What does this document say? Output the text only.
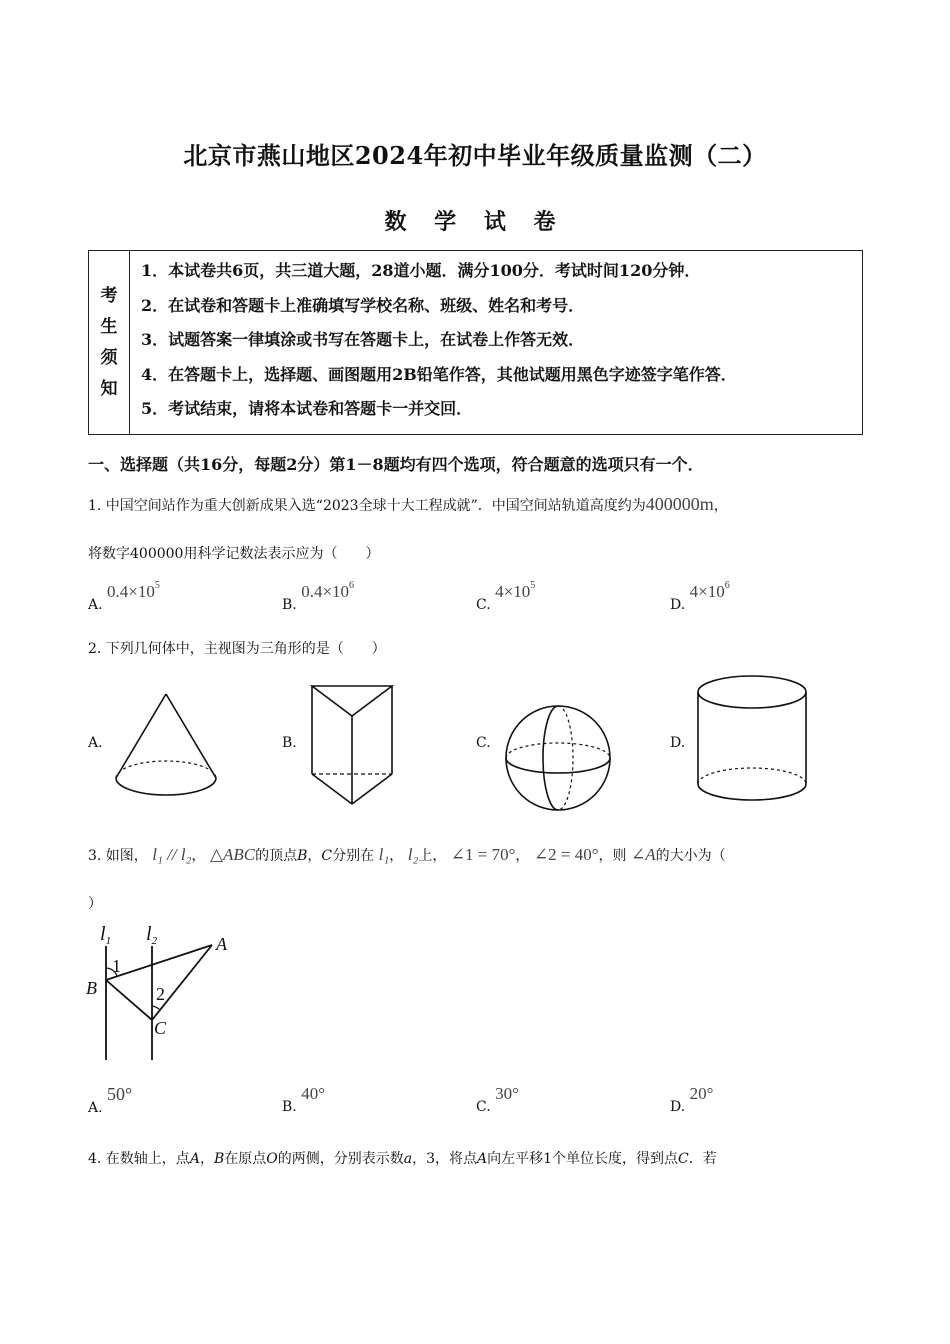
北京市燕山地区2024年初中毕业年级质量监测（二）
数 学 试 卷
考
生
须
知
1．本试卷共6页，共三道大题，28道小题．满分100分．考试时间120分钟．
2．在试卷和答题卡上准确填写学校名称、班级、姓名和考号．
3．试题答案一律填涂或书写在答题卡上，在试卷上作答无效．
4．在答题卡上，选择题、画图题用2B铅笔作答，其他试题用黑色字迹签字笔作答．
5．考试结束，请将本试卷和答题卡一并交回．
一、选择题（共16分，每题2分）第1－8题均有四个选项，符合题意的选项只有一个．
1. 中国空间站作为重大创新成果入选“2023全球十大工程成就”．中国空间站轨道高度约为400000m，
将数字400000用科学记数法表示应为（　　）
A. $0.4\times 10^5$
B. $0.4\times 10^6$
C. $4\times 10^5$
D. $4\times 10^6$
2. 下列几何体中，主视图为三角形的是（　　）
A.	B.	C.	D.
3. 如图， l₁ // l₂， △ABC的顶点B，C分别在 l₁， l₂上， ∠1 = 70°， ∠2 = 40°，则 ∠A的大小为（
）
$l_1$ $l_2$	A
B
C
1
2
A. 50°
B. 40°
C. 30°
D. 20°
4. 在数轴上，点A，B在原点O的两侧，分别表示数a，3，将点A向左平移1个单位长度，得到点C．若
